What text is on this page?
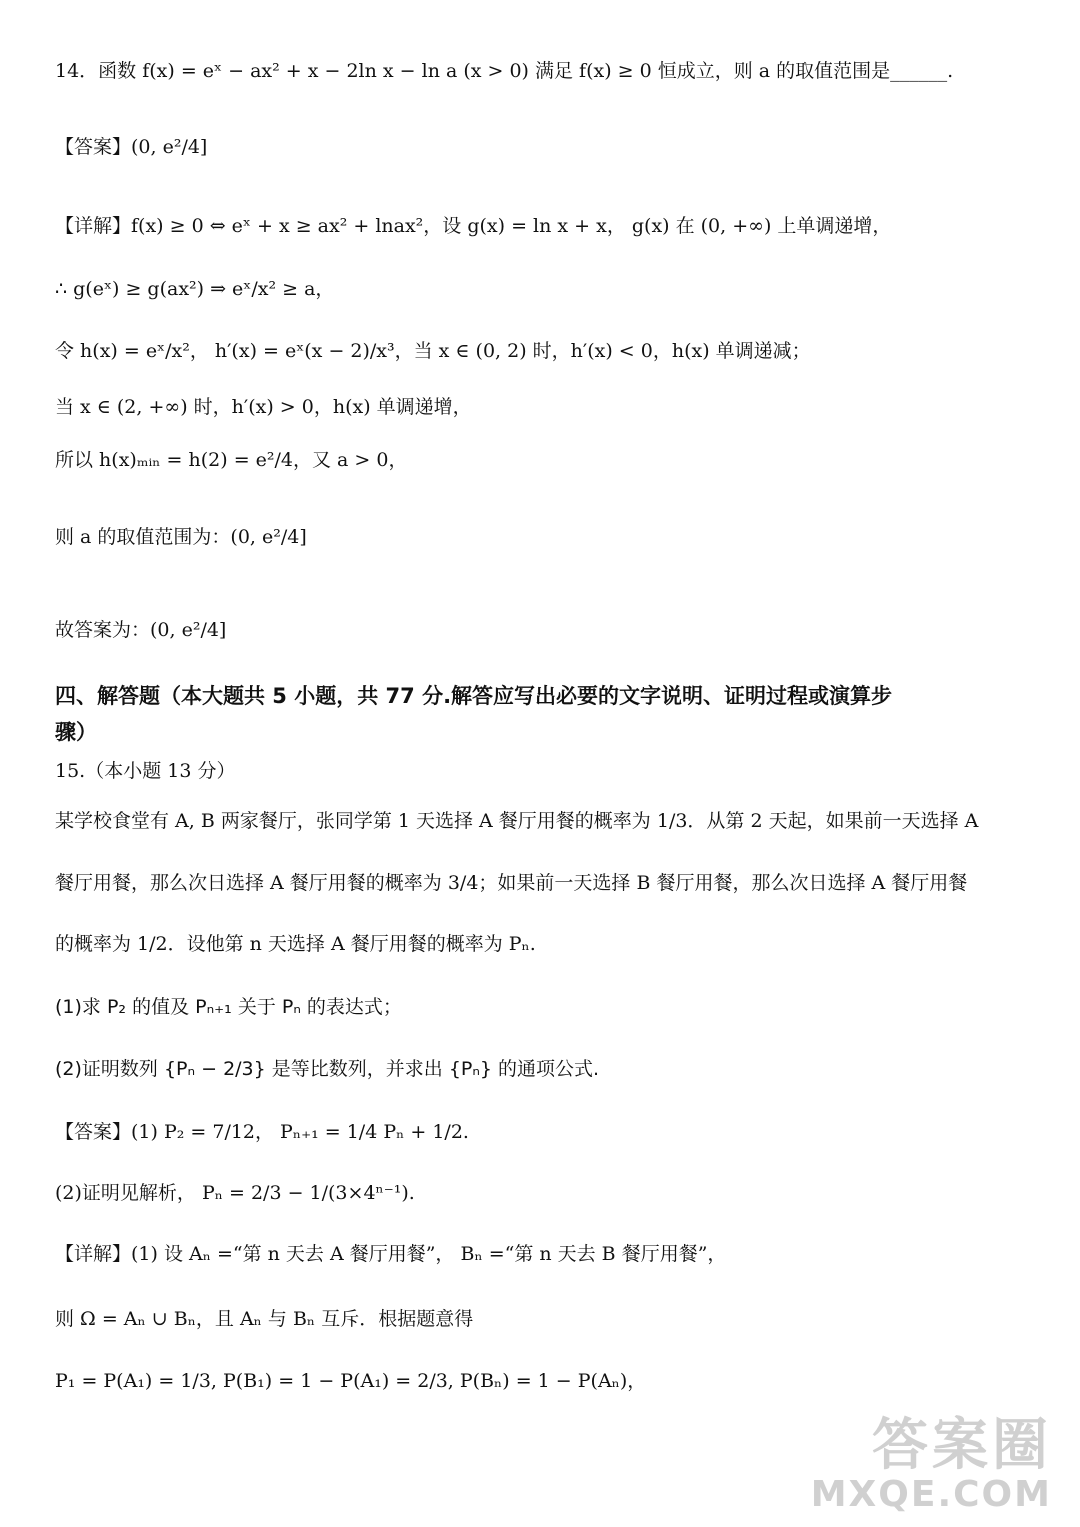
14．函数 f(x) = eˣ − ax² + x − 2ln x − ln a (x > 0) 满足 f(x) ≥ 0 恒成立，则 a 的取值范围是______.
【答案】(0, e²/4]
【详解】f(x) ≥ 0 ⇔ eˣ + x ≥ ax² + lnax²，设 g(x) = ln x + x， g(x) 在 (0, +∞) 上单调递增，
∴ g(eˣ) ≥ g(ax²) ⇒ eˣ/x² ≥ a，
令 h(x) = eˣ/x²， h′(x) = eˣ(x − 2)/x³，当 x ∈ (0, 2) 时，h′(x) < 0，h(x) 单调递减；
当 x ∈ (2, +∞) 时，h′(x) > 0，h(x) 单调递增，
所以 h(x)ₘᵢₙ = h(2) = e²/4，又 a > 0，
则 a 的取值范围为：(0, e²/4]
故答案为：(0, e²/4]
四、解答题（本大题共 5 小题，共 77 分.解答应写出必要的文字说明、证明过程或演算步
骤）
15.（本小题 13 分）
某学校食堂有 A, B 两家餐厅，张同学第 1 天选择 A 餐厅用餐的概率为 1/3．从第 2 天起，如果前一天选择 A
餐厅用餐，那么次日选择 A 餐厅用餐的概率为 3/4；如果前一天选择 B 餐厅用餐，那么次日选择 A 餐厅用餐
的概率为 1/2．设他第 n 天选择 A 餐厅用餐的概率为 Pₙ.
(1)求 P₂ 的值及 Pₙ₊₁ 关于 Pₙ 的表达式；
(2)证明数列 {Pₙ − 2/3} 是等比数列，并求出 {Pₙ} 的通项公式.
【答案】(1) P₂ = 7/12， Pₙ₊₁ = 1/4 Pₙ + 1/2.
(2)证明见解析， Pₙ = 2/3 − 1/(3×4ⁿ⁻¹).
【详解】(1) 设 Aₙ =“第 n 天去 A 餐厅用餐”， Bₙ =“第 n 天去 B 餐厅用餐”，
则 Ω = Aₙ ∪ Bₙ，且 Aₙ 与 Bₙ 互斥．根据题意得
P₁ = P(A₁) = 1/3, P(B₁) = 1 − P(A₁) = 2/3, P(Bₙ) = 1 − P(Aₙ)，
答案圈
MXQE.COM
